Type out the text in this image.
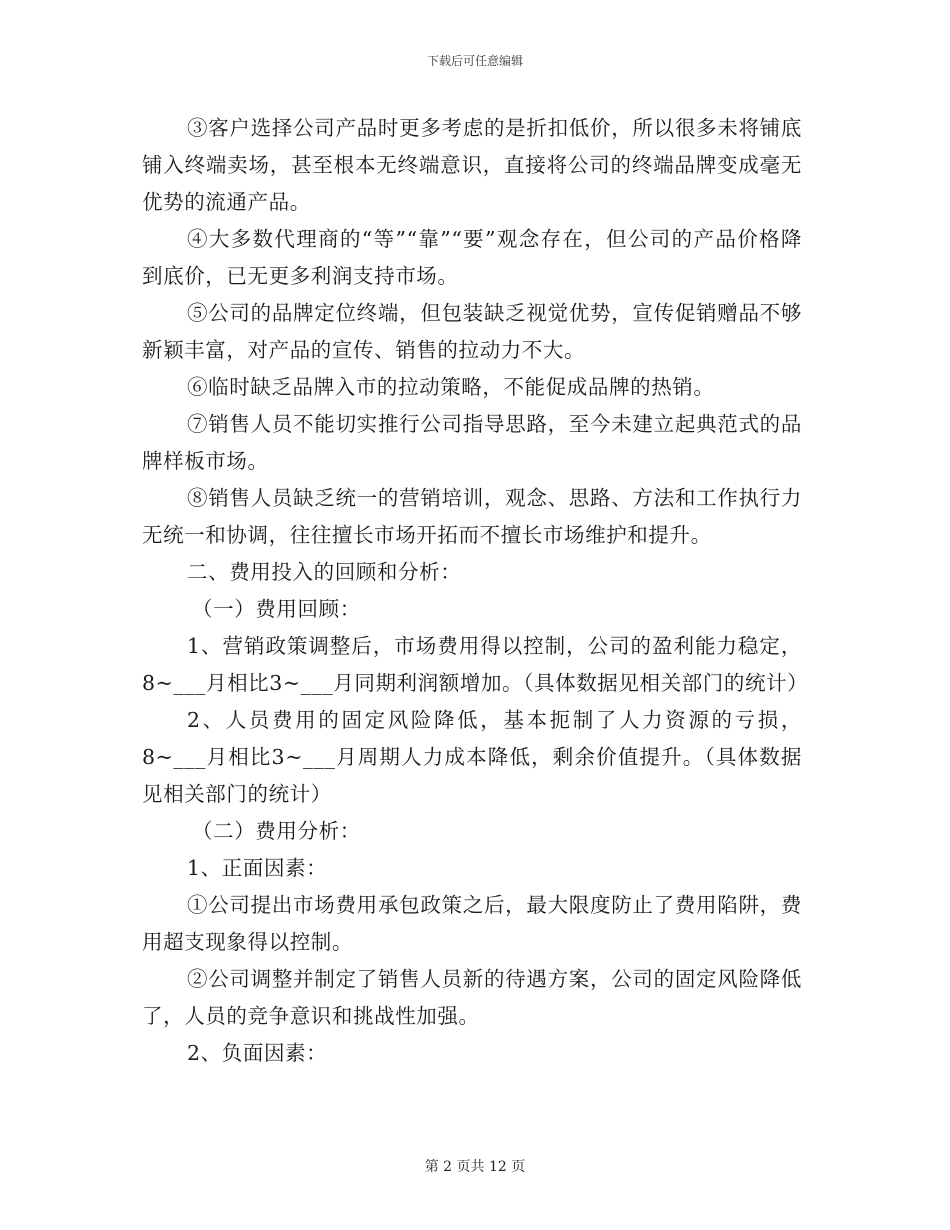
下载后可任意编辑

③客户选择公司产品时更多考虑的是折扣低价，所以很多未将铺底铺入终端卖场，甚至根本无终端意识，直接将公司的终端品牌变成毫无优势的流通产品。

④大多数代理商的“等”“靠”“要”观念存在，但公司的产品价格降到底价，已无更多利润支持市场。

⑤公司的品牌定位终端，但包装缺乏视觉优势，宣传促销赠品不够新颖丰富，对产品的宣传、销售的拉动力不大。

⑥临时缺乏品牌入市的拉动策略，不能促成品牌的热销。

⑦销售人员不能切实推行公司指导思路，至今未建立起典范式的品牌样板市场。

⑧销售人员缺乏统一的营销培训，观念、思路、方法和工作执行力无统一和协调，往往擅长市场开拓而不擅长市场维护和提升。

二、费用投入的回顾和分析：

（一）费用回顾：

1、营销政策调整后，市场费用得以控制，公司的盈利能力稳定，8~___月相比3~___月同期利润额增加。（具体数据见相关部门的统计）

2、人员费用的固定风险降低，基本扼制了人力资源的亏损，8~___月相比3~___月周期人力成本降低，剩余价值提升。（具体数据见相关部门的统计）

（二）费用分析：

1、正面因素：

①公司提出市场费用承包政策之后，最大限度防止了费用陷阱，费用超支现象得以控制。

②公司调整并制定了销售人员新的待遇方案，公司的固定风险降低了，人员的竞争意识和挑战性加强。

2、负面因素：

第 2 页共 12 页
